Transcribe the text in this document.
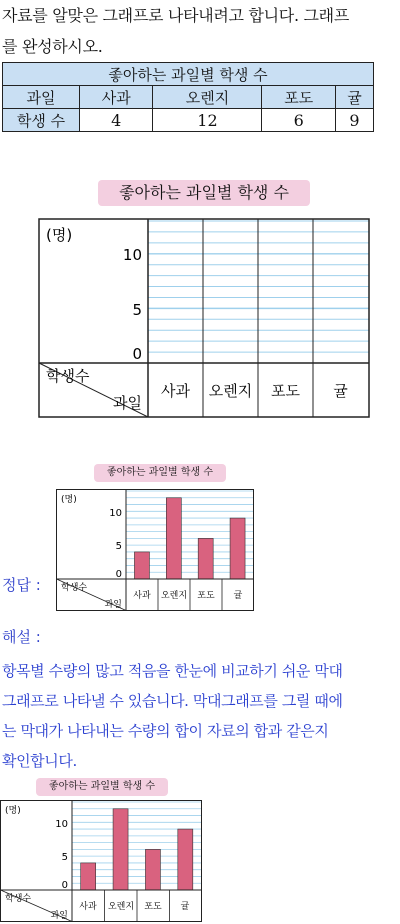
자료를 알맞은 그래프로 나타내려고 합니다. 그래프
를 완성하시오.
좋아하는 과일별 학생 수				
과일	사과	오렌지	포도	귤
학생 수	4	12	6	9
좋아하는 과일별 학생 수
(명)
10
5
0
학생수
과일
사과 오렌지 포도 귤
좋아하는 과일별 학생 수
정답 :
(명)
10
5
0
학생수
과일
사과 오렌지 포도 귤
해설 :
항목별 수량의 많고 적음을 한눈에 비교하기 쉬운 막대
그래프로 나타낼 수 있습니다. 막대그래프를 그릴 때에
는 막대가 나타내는 수량의 합이 자료의 합과 같은지
확인합니다.
좋아하는 과일별 학생 수
(명)
10
5
0
학생수
과일
사과 오렌지 포도 귤
